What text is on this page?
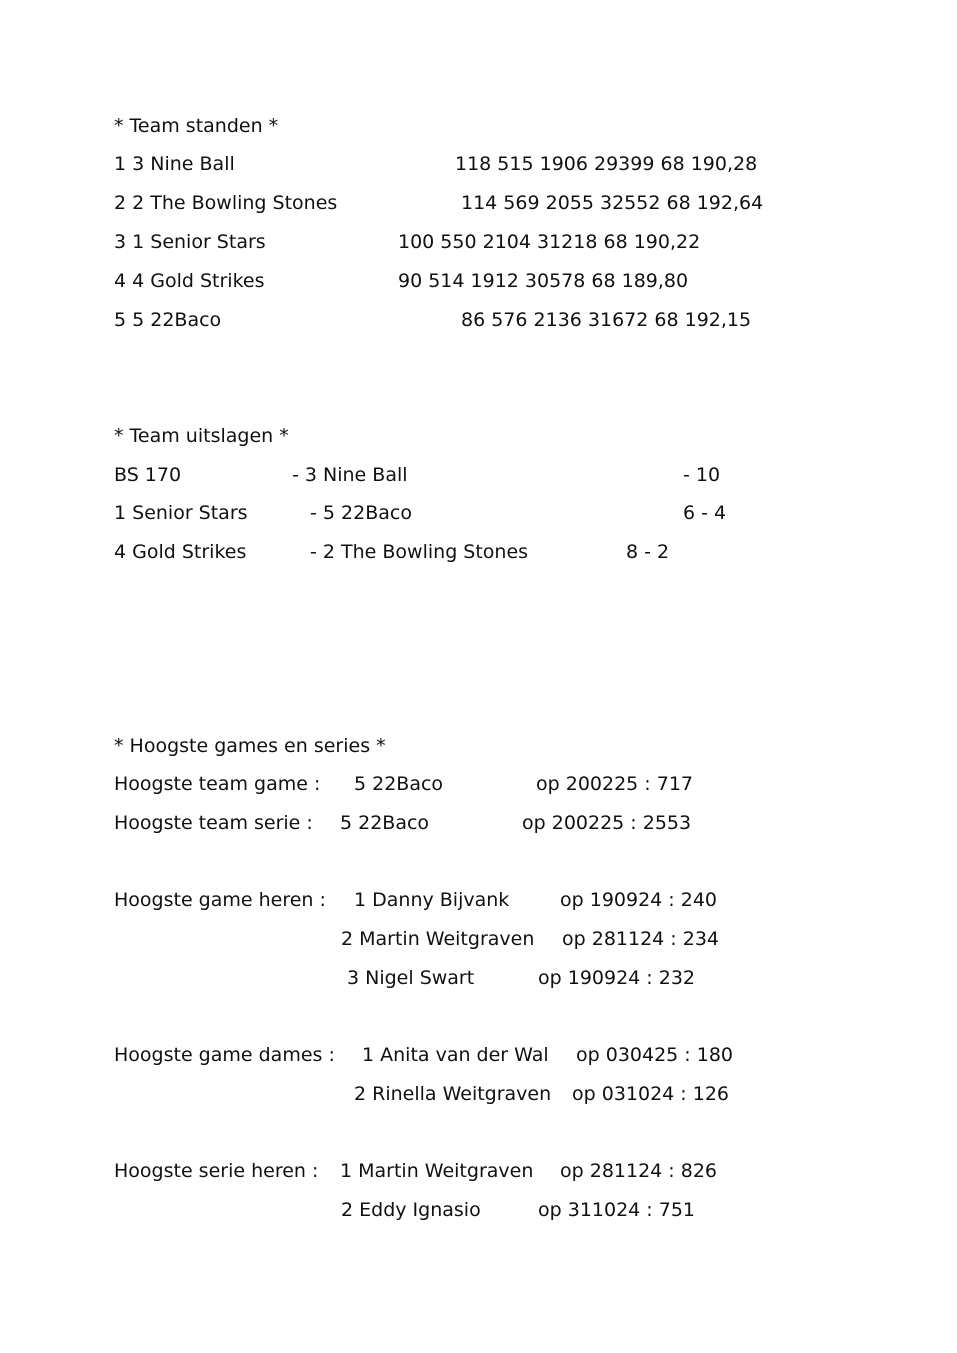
* Team standen *
1 3 Nine Ball	118 515 1906 29399 68 190,28
2 2 The Bowling Stones	114 569 2055 32552 68 192,64
3 1 Senior Stars	100 550 2104 31218 68 190,22
4 4 Gold Strikes	90 514 1912 30578 68 189,80
5 5 22Baco	86 576 2136 31672 68 192,15
* Team uitslagen *
BS 170	- 3 Nine Ball	- 10
1 Senior Stars	- 5 22Baco	6 - 4
4 Gold Strikes	- 2 The Bowling Stones	8 - 2
* Hoogste games en series *
Hoogste team game : 5 22Baco	op 200225 : 717
Hoogste team serie : 5 22Baco	op 200225 : 2553
Hoogste game heren : 1 Danny Bijvank	op 190924 : 240
2 Martin Weitgraven op 281124 : 234
3 Nigel Swart	op 190924 : 232
Hoogste game dames : 1 Anita van der Wal op 030425 : 180
2 Rinella Weitgraven op 031024 : 126
Hoogste serie heren : 1 Martin Weitgraven op 281124 : 826
2 Eddy Ignasio	op 311024 : 751
